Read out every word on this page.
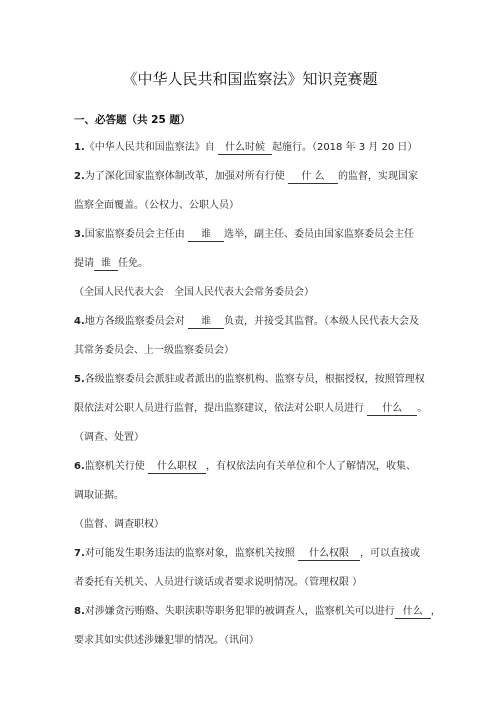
《中华人民共和国监察法》知识竞赛题
一、必答题（共 25 题）
1.《中华人民共和国监察法》自 什么时候 起施行。（2018 年 3 月 20 日）
2.为了深化国家监察体制改革，加强对所有行使 什 么 的监督，实现国家
监察全面覆盖。（公权力、公职人员）
3.国家监察委员会主任由 谁 选举，副主任、委员由国家监察委员会主任
提请 谁 任免。
（全国人民代表大会　全国人民代表大会常务委员会）
4.地方各级监察委员会对 谁 负责，并接受其监督。（本级人民代表大会及
其常务委员会、上一级监察委员会）
5.各级监察委员会派驻或者派出的监察机构、监察专员，根据授权，按照管理权
限依法对公职人员进行监督，提出监察建议，依法对公职人员进行 什么 。
（调查、处置）
6.监察机关行使 什么职权 ，有权依法向有关单位和个人了解情况，收集、
调取证据。
（监督、调查职权）
7.对可能发生职务违法的监察对象，监察机关按照 什么权限 ，可以直接或
者委托有关机关、人员进行谈话或者要求说明情况。（管理权限 ）
8.对涉嫌贪污贿赂、失职渎职等职务犯罪的被调查人，监察机关可以进行 什么 ，
要求其如实供述涉嫌犯罪的情况。（讯问）
